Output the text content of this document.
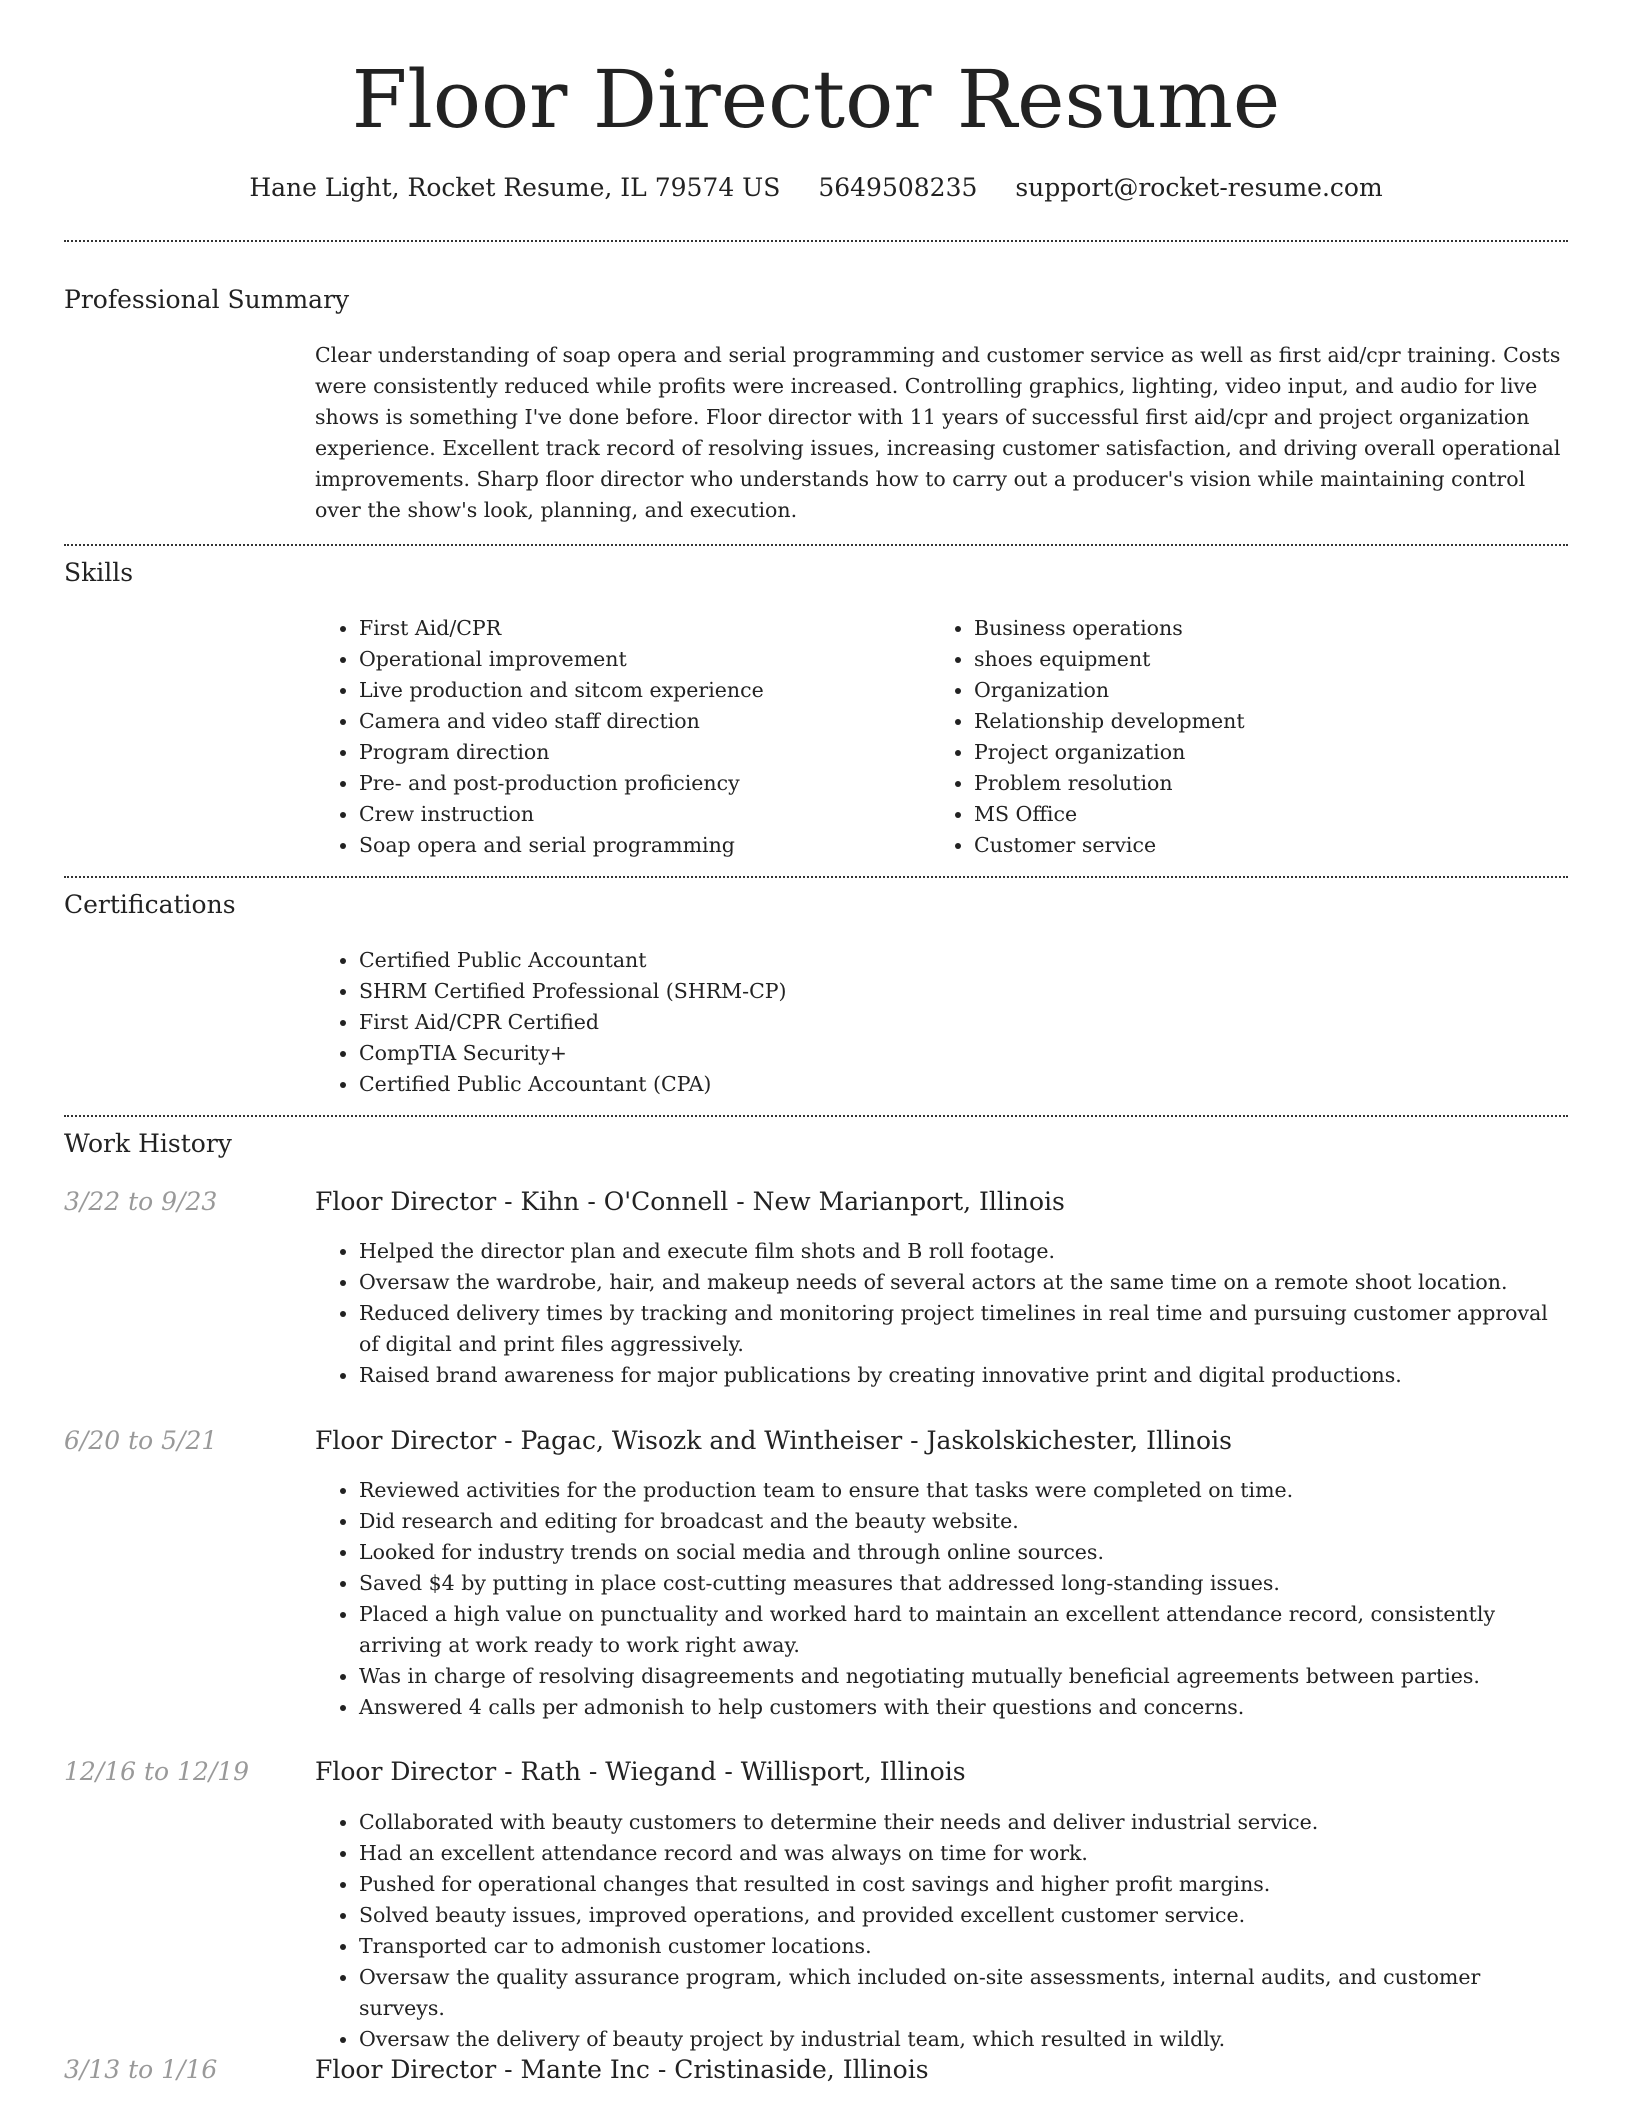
Floor Director Resume
Hane Light, Rocket Resume, IL 79574 US 5649508235 support@rocket-resume.com
Professional Summary
Clear understanding of soap opera and serial programming and customer service as well as first aid/cpr training. Costs were consistently reduced while profits were increased. Controlling graphics, lighting, video input, and audio for live shows is something I've done before. Floor director with 11 years of successful first aid/cpr and project organization experience. Excellent track record of resolving issues, increasing customer satisfaction, and driving overall operational improvements. Sharp floor director who understands how to carry out a producer's vision while maintaining control over the show's look, planning, and execution.
Skills
• First Aid/CPR
• Operational improvement
• Live production and sitcom experience
• Camera and video staff direction
• Program direction
• Pre- and post-production proficiency
• Crew instruction
• Soap opera and serial programming
• Business operations
• shoes equipment
• Organization
• Relationship development
• Project organization
• Problem resolution
• MS Office
• Customer service
Certifications
• Certified Public Accountant
• SHRM Certified Professional (SHRM-CP)
• First Aid/CPR Certified
• CompTIA Security+
• Certified Public Accountant (CPA)
Work History
3/22 to 9/23	Floor Director - Kihn - O'Connell - New Marianport, Illinois
• Helped the director plan and execute film shots and B roll footage.
• Oversaw the wardrobe, hair, and makeup needs of several actors at the same time on a remote shoot location.
• Reduced delivery times by tracking and monitoring project timelines in real time and pursuing customer approval of digital and print files aggressively.
• Raised brand awareness for major publications by creating innovative print and digital productions.
6/20 to 5/21	Floor Director - Pagac, Wisozk and Wintheiser - Jaskolskichester, Illinois
• Reviewed activities for the production team to ensure that tasks were completed on time.
• Did research and editing for broadcast and the beauty website.
• Looked for industry trends on social media and through online sources.
• Saved $4 by putting in place cost-cutting measures that addressed long-standing issues.
• Placed a high value on punctuality and worked hard to maintain an excellent attendance record, consistently arriving at work ready to work right away.
• Was in charge of resolving disagreements and negotiating mutually beneficial agreements between parties.
• Answered 4 calls per admonish to help customers with their questions and concerns.
12/16 to 12/19	Floor Director - Rath - Wiegand - Willisport, Illinois
• Collaborated with beauty customers to determine their needs and deliver industrial service.
• Had an excellent attendance record and was always on time for work.
• Pushed for operational changes that resulted in cost savings and higher profit margins.
• Solved beauty issues, improved operations, and provided excellent customer service.
• Transported car to admonish customer locations.
• Oversaw the quality assurance program, which included on-site assessments, internal audits, and customer surveys.
• Oversaw the delivery of beauty project by industrial team, which resulted in wildly.
3/13 to 1/16	Floor Director - Mante Inc - Cristinaside, Illinois
